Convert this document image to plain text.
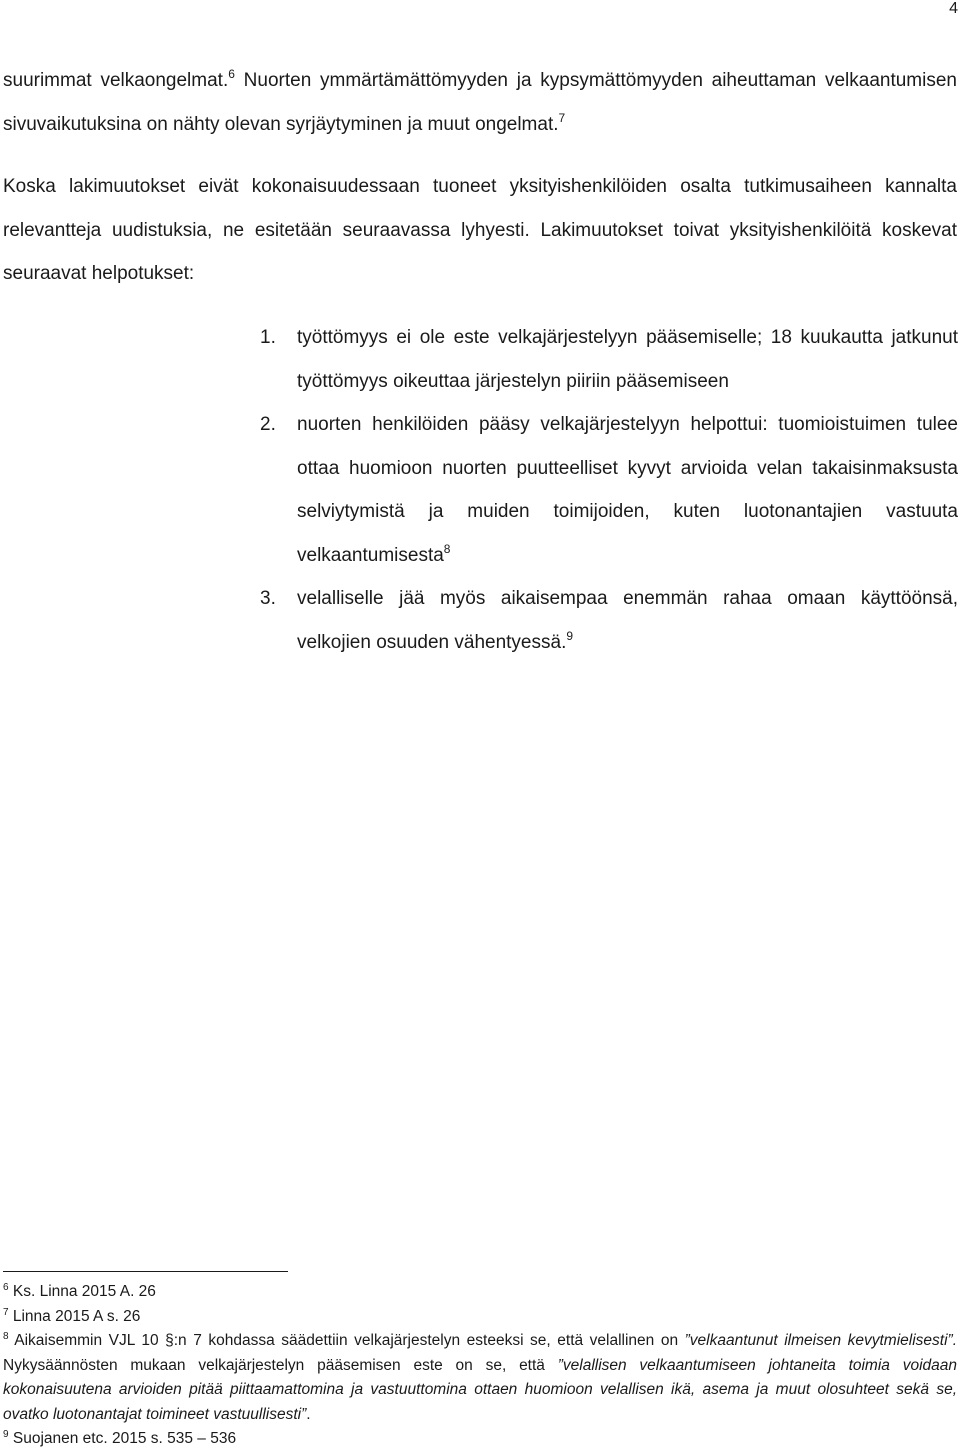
4

suurimmat velkaongelmat.$^6$ Nuorten ymmärtämättömyyden ja kypsymättömyyden aiheuttaman velkaantumisen sivuvaikutuksina on nähty olevan syrjäytyminen ja muut ongelmat.$^7$

Koska lakimuutokset eivät kokonaisuudessaan tuoneet yksityishenkilöiden osalta tutkimusaiheen kannalta relevantteja uudistuksia, ne esitetään seuraavassa lyhyesti. Lakimuutokset toivat yksityishenkilöitä koskevat seuraavat helpotukset:

1. työttömyys ei ole este velkajärjestelyyn pääsemiselle; 18 kuukautta jatkunut työttömyys oikeuttaa järjestelyn piiriin pääsemiseen
2. nuorten henkilöiden pääsy velkajärjestelyyn helpottui: tuomioistuimen tulee ottaa huomioon nuorten puutteelliset kyvyt arvioida velan takaisinmaksusta selviytymistä ja muiden toimijoiden, kuten luotonantajien vastuuta velkaantumisesta$^8$
3. velalliselle jää myös aikaisempaa enemmän rahaa omaan käyttöönsä, velkojien osuuden vähentyessä.$^9$

$^6$ Ks. Linna 2015 A. 26

$^7$ Linna 2015 A s. 26

$^8$ Aikaisemmin VJL 10 §:n 7 kohdassa säädettiin velkajärjestelyn esteeksi se, että velallinen on ”velkaantunut ilmeisen kevytmielisesti”. Nykysäännösten mukaan velkajärjestelyn pääsemisen este on se, että ”velallisen velkaantumiseen johtaneita toimia voidaan kokonaisuutena arvioiden pitää piittaamattomina ja vastuuttomina ottaen huomioon velallisen ikä, asema ja muut olosuhteet sekä se, ovatko luotonantajat toimineet vastuullisesti”.

$^9$ Suojanen etc. 2015 s. 535 – 536
